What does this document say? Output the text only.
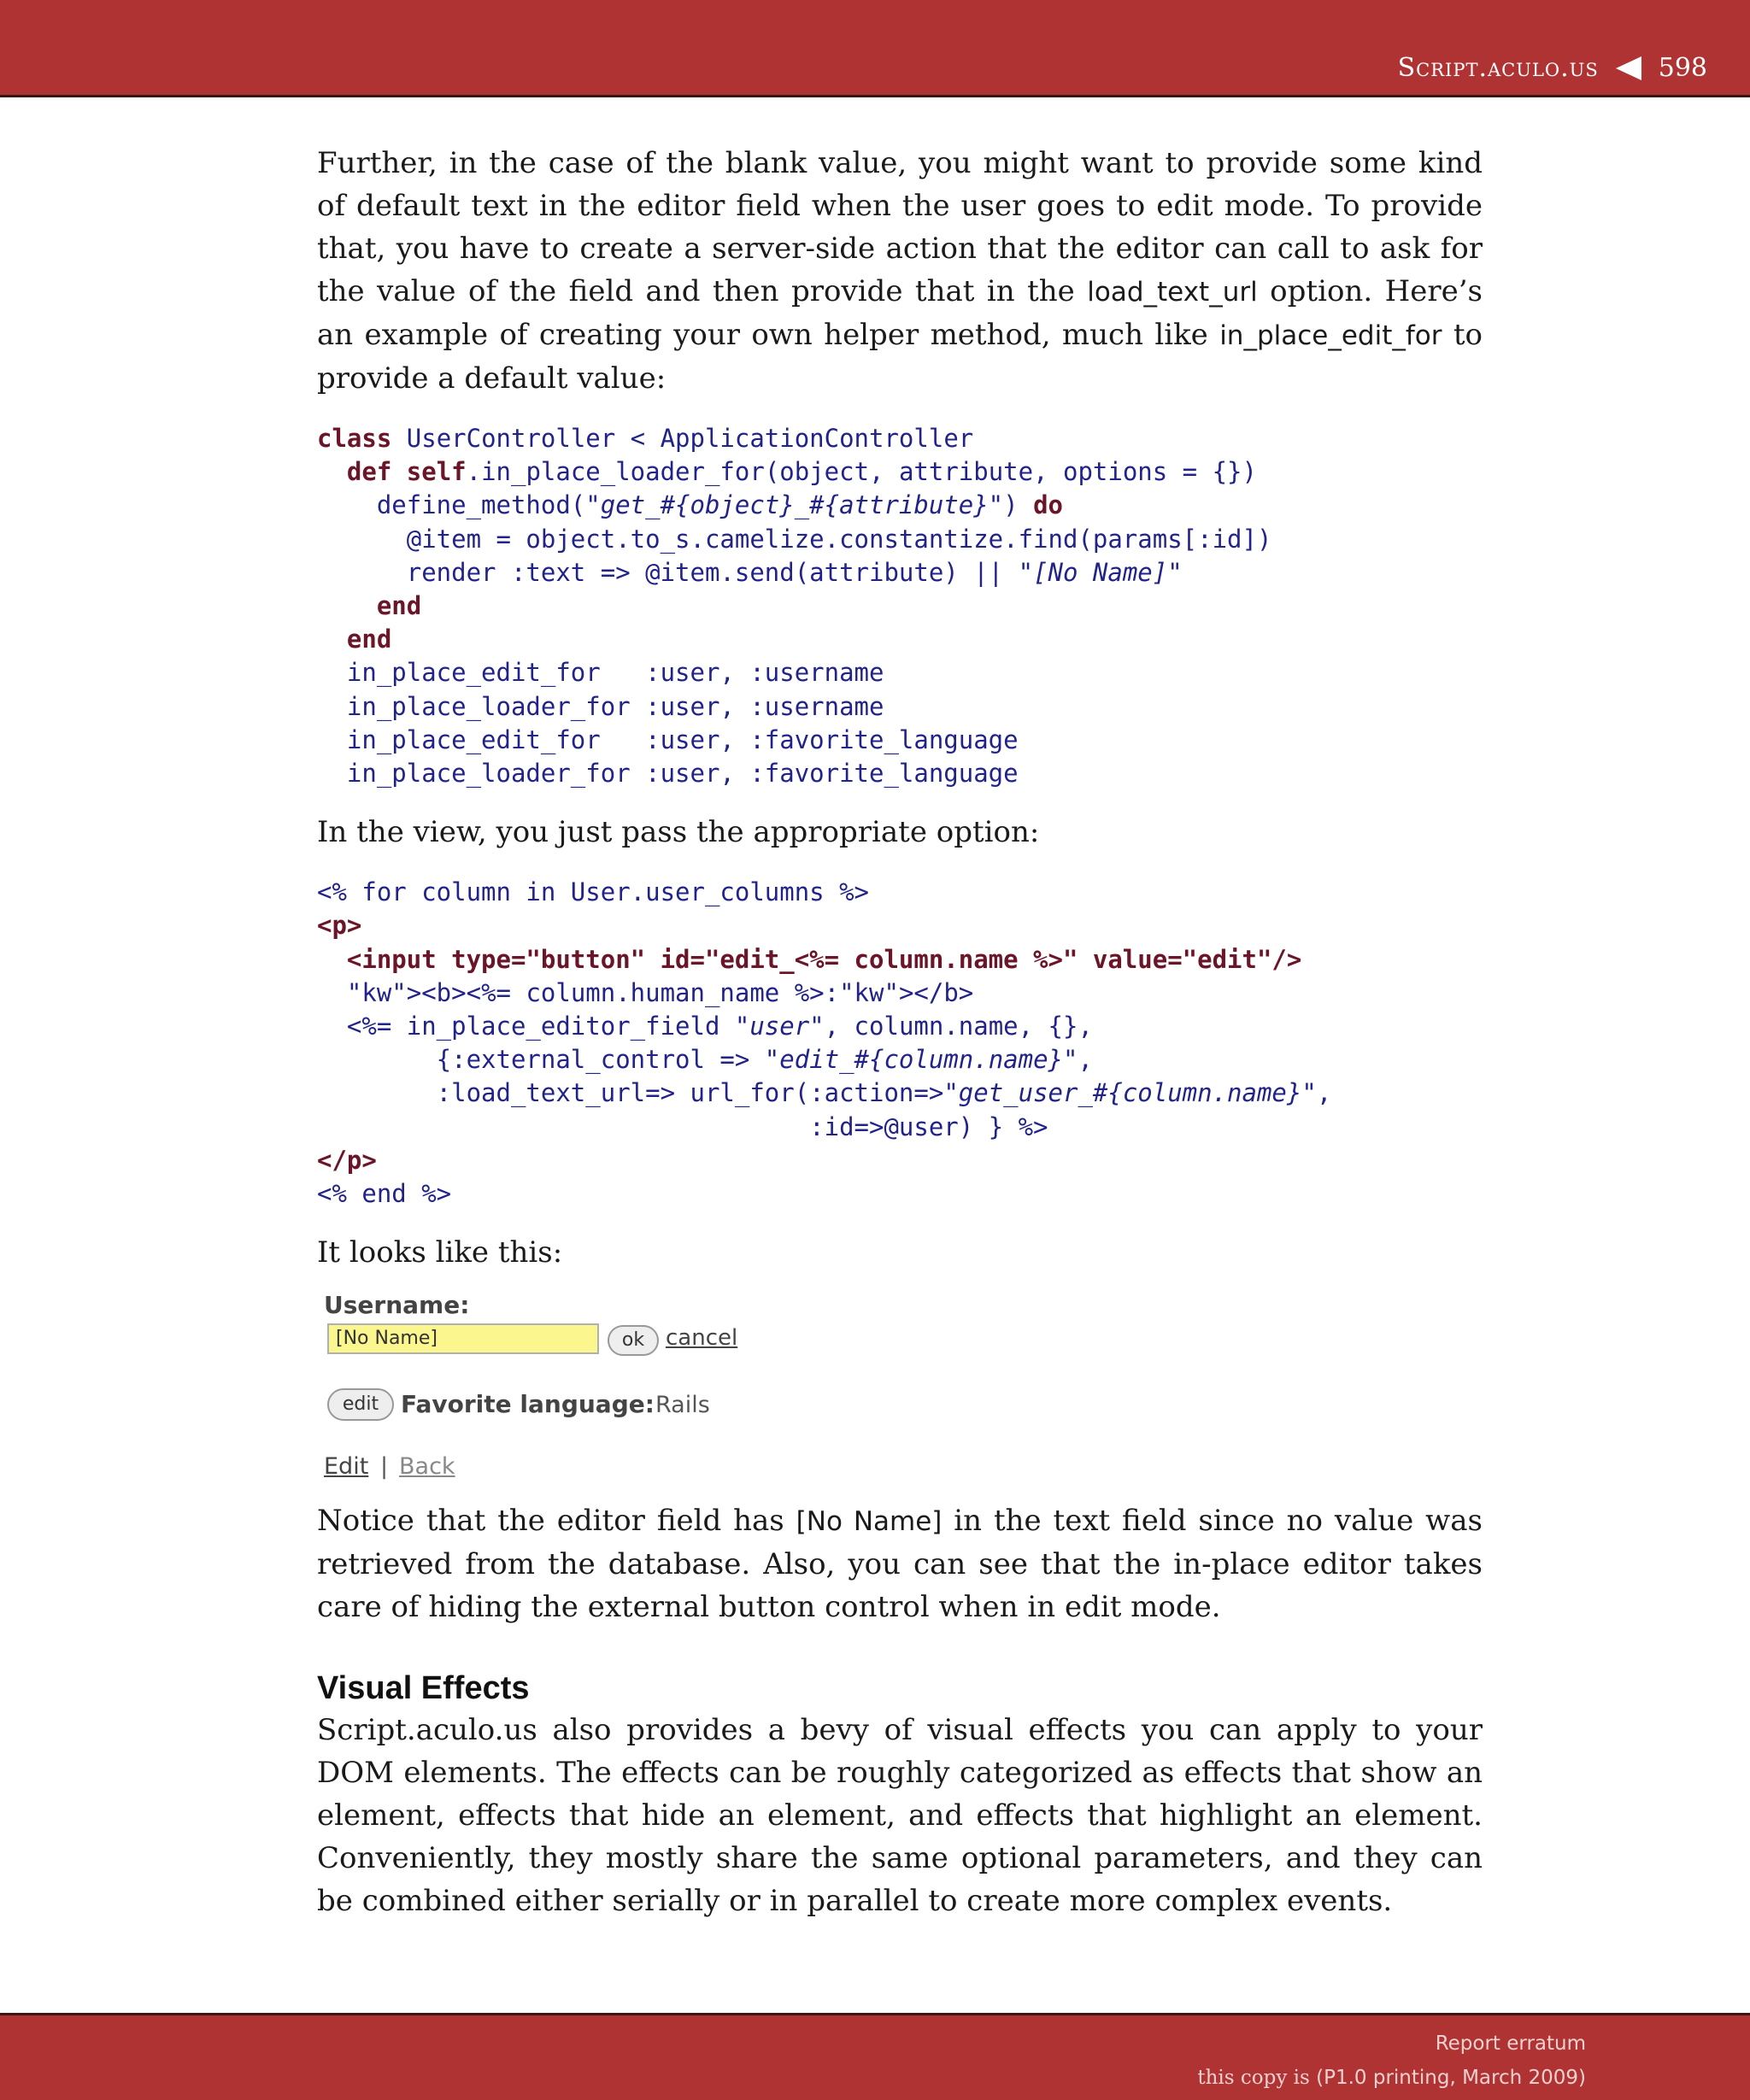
Script.aculo.us 598

Further, in the case of the blank value, you might want to provide some kind of default text in the editor field when the user goes to edit mode. To provide that, you have to create a server-side action that the editor can call to ask for the value of the field and then provide that in the load_text_url option. Here’s an example of creating your own helper method, much like in_place_edit_for to provide a default value:

class UserController < ApplicationController
def self.in_place_loader_for(object, attribute, options = {})
define_method("get_#{object}_#{attribute}") do
@item = object.to_s.camelize.constantize.find(params[:id])
render :text => @item.send(attribute) || "[No Name]"
end
end
in_place_edit_for   :user, :username
in_place_loader_for :user, :username
in_place_edit_for   :user, :favorite_language
in_place_loader_for :user, :favorite_language

In the view, you just pass the appropriate option:

<% for column in User.user_columns %>
<p>
<input type="button" id="edit_<%= column.name %>" value="edit"/>
"kw"><b><%= column.human_name %>:"kw"></b>
<%= in_place_editor_field "user", column.name, {},
{:external_control => "edit_#{column.name}",
:load_text_url=> url_for(:action=>"get_user_#{column.name}",
:id=>@user) } %>
</p>
<% end %>

It looks like this:

Username:
[No Name]	ok cancel
edit Favorite language: Rails
Edit | Back

Notice that the editor field has [No Name] in the text field since no value was retrieved from the database. Also, you can see that the in-place editor takes care of hiding the external button control when in edit mode.

Visual Effects

Script.aculo.us also provides a bevy of visual effects you can apply to your DOM elements. The effects can be roughly categorized as effects that show an element, effects that hide an element, and effects that highlight an element. Conveniently, they mostly share the same optional parameters, and they can be combined either serially or in parallel to create more complex events.

Report erratum
this copy is (P1.0 printing, March 2009)
